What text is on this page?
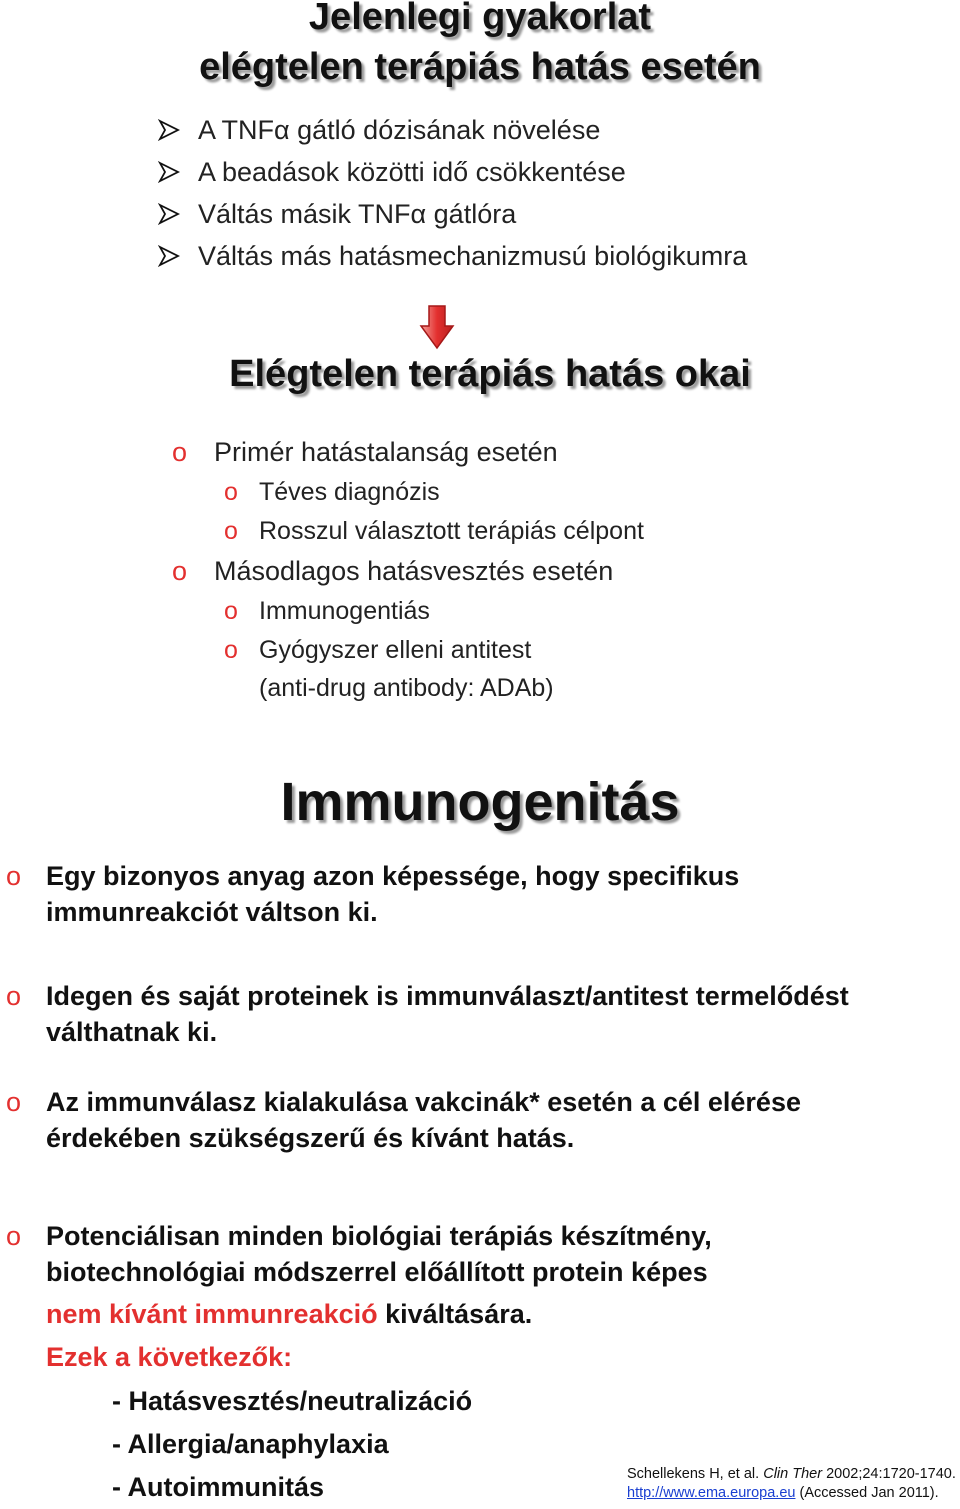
Jelenlegi gyakorlat
elégtelen terápiás hatás esetén
A TNFα gátló dózisának növelése
A beadások közötti idő csökkentése
Váltás másik TNFα gátlóra
Váltás más hatásmechanizmusú biológikumra
Elégtelen terápiás hatás okai
o Primér hatástalanság esetén
o Téves diagnózis
o Rosszul választott terápiás célpont
o Másodlagos hatásvesztés esetén
o Immunogentiás
o Gyógyszer elleni antitest
(anti-drug antibody: ADAb)
Immunogenitás
o Egy bizonyos anyag azon képessége, hogy specifikus
immunreakciót váltson ki.
o Idegen és saját proteinek is immunválaszt/antitest termelődést
válthatnak ki.
o Az immunválasz kialakulása vakcinák* esetén a cél elérése
érdekében szükségszerű és kívánt hatás.
o Potenciálisan minden biológiai terápiás készítmény,
biotechnológiai módszerrel előállított protein képes
nem kívánt immunreakció kiváltására.
Ezek a következők:
- Hatásvesztés/neutralizáció
- Allergia/anaphylaxia
- Autoimmunitás	Schellekens H, et al. Clin Ther 2002;24:1720-1740.
http://www.ema.europa.eu (Accessed Jan 2011).
